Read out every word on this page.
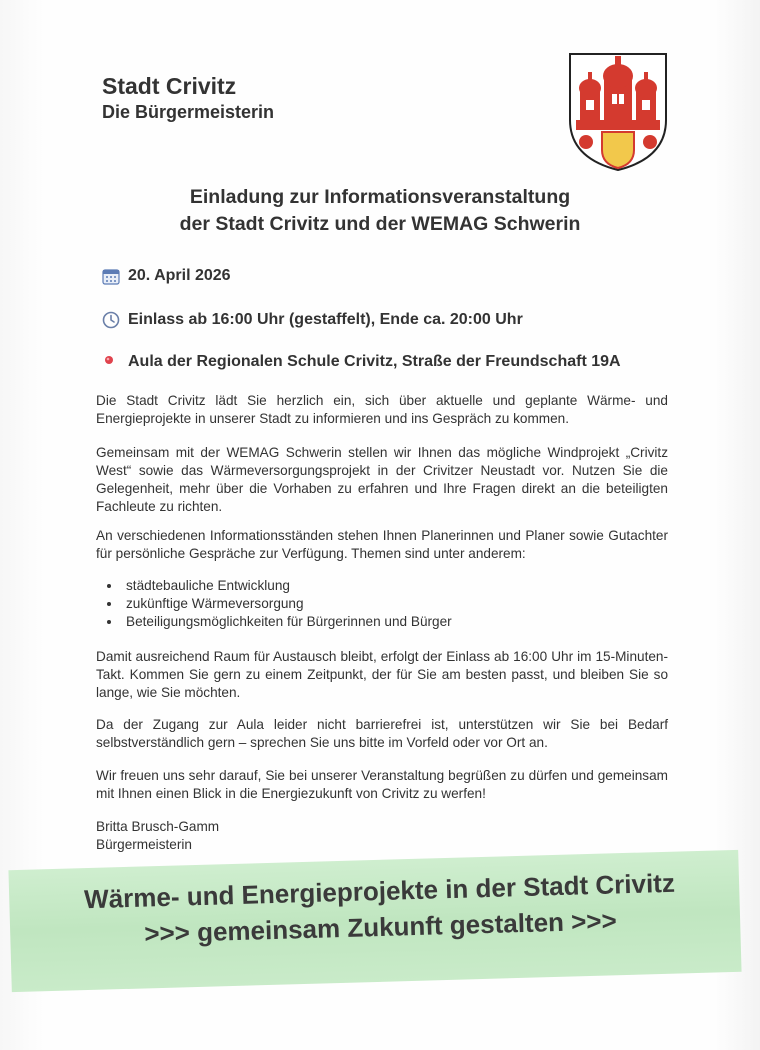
Stadt Crivitz

Die Bürgermeisterin

Einladung zur Informationsveranstaltung
der Stadt Crivitz und der WEMAG Schwerin
20. April 2026
Einlass ab 16:00 Uhr (gestaffelt), Ende ca. 20:00 Uhr
Aula der Regionalen Schule Crivitz, Straße der Freundschaft 19A

Die Stadt Crivitz lädt Sie herzlich ein, sich über aktuelle und geplante Wärme- und Energieprojekte in unserer Stadt zu informieren und ins Gespräch zu kommen.

Gemeinsam mit der WEMAG Schwerin stellen wir Ihnen das mögliche Windprojekt „Crivitz West“ sowie das Wärmeversorgungsprojekt in der Crivitzer Neustadt vor. Nutzen Sie die Gelegenheit, mehr über die Vorhaben zu erfahren und Ihre Fragen direkt an die beteiligten Fachleute zu richten.

An verschiedenen Informationsständen stehen Ihnen Planerinnen und Planer sowie Gutachter für persönliche Gespräche zur Verfügung. Themen sind unter anderem:

• städtebauliche Entwicklung
• zukünftige Wärmeversorgung
• Beteiligungsmöglichkeiten für Bürgerinnen und Bürger

Damit ausreichend Raum für Austausch bleibt, erfolgt der Einlass ab 16:00 Uhr im 15-Minuten-Takt. Kommen Sie gern zu einem Zeitpunkt, der für Sie am besten passt, und bleiben Sie so lange, wie Sie möchten.

Da der Zugang zur Aula leider nicht barrierefrei ist, unterstützen wir Sie bei Bedarf selbstverständlich gern – sprechen Sie uns bitte im Vorfeld oder vor Ort an.

Wir freuen uns sehr darauf, Sie bei unserer Veranstaltung begrüßen zu dürfen und gemeinsam mit Ihnen einen Blick in die Energiezukunft von Crivitz zu werfen!

Britta Brusch-Gamm
Bürgermeisterin
Wärme- und Energieprojekte in der Stadt Crivitz
>>> gemeinsam Zukunft gestalten >>>
